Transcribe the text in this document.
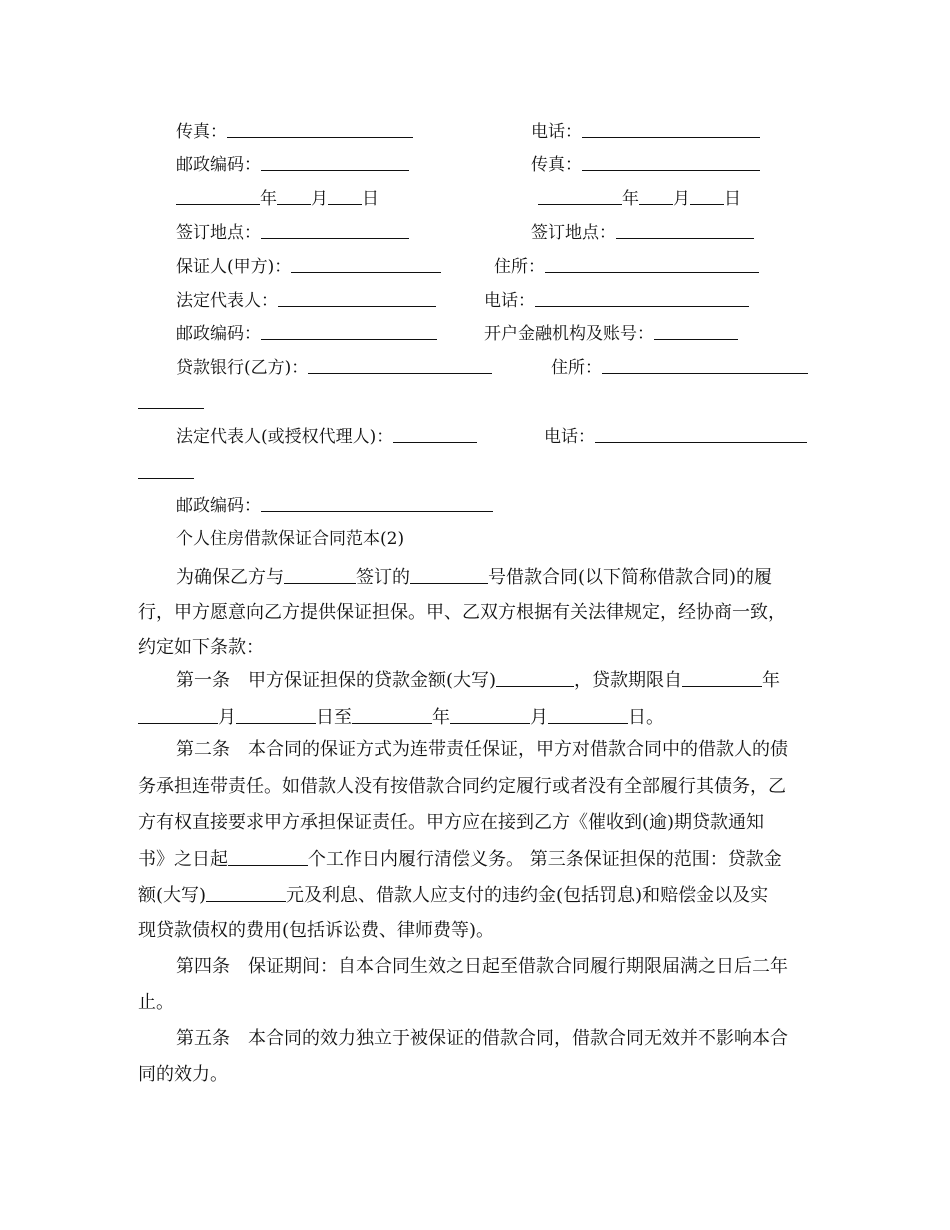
传真：	电话：
邮政编码：	传真：
年 月 日	年 月 日
签订地点：	签订地点：
保证人(甲方)：	住所：
法定代表人：	电话：
邮政编码：	开户金融机构及账号：
贷款银行(乙方)：	住所：
法定代表人(或授权代理人)：	电话：
邮政编码：
个人住房借款保证合同范本(2)
为确保乙方与	签订的	号借款合同(以下简称借款合同)的履
行，甲方愿意向乙方提供保证担保。甲、乙双方根据有关法律规定，经协商一致，
约定如下条款：
第一条　甲方保证担保的贷款金额(大写)	，贷款期限自	年
月	日至	年	月	日。
第二条　本合同的保证方式为连带责任保证，甲方对借款合同中的借款人的债
务承担连带责任。如借款人没有按借款合同约定履行或者没有全部履行其债务，乙
方有权直接要求甲方承担保证责任。甲方应在接到乙方《催收到(逾)期贷款通知
书》之日起	个工作日内履行清偿义务。 第三条保证担保的范围：贷款金
额(大写)	元及利息、借款人应支付的违约金(包括罚息)和赔偿金以及实
现贷款债权的费用(包括诉讼费、律师费等)。
第四条　保证期间：自本合同生效之日起至借款合同履行期限届满之日后二年
止。
第五条　本合同的效力独立于被保证的借款合同，借款合同无效并不影响本合
同的效力。
